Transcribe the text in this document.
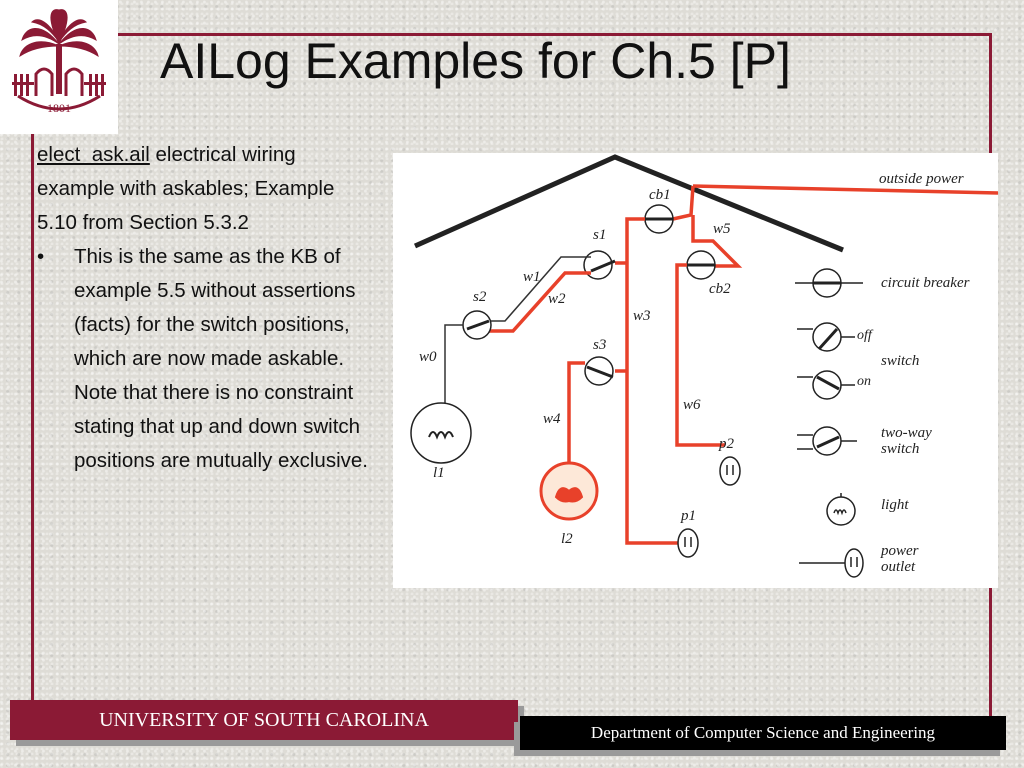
1801
AILog Examples for Ch.5 [P]

elect_ask.ail electrical wiring example with askables; Example 5.10 from Section 5.3.2

•	This is the same as the KB of example 5.5 without assertions (facts) for the switch positions, which are now made askable. Note that there is no constraint stating that up and down switch positions are mutually exclusive.
outside power
cb1
w3
w5
cb2
w6
s1
w1
w2
s2
w0
l1
s3
w4
l2
p1
p2
circuit breaker
off
switch
on
two-way
switch
light
power
outlet
UNIVERSITY OF SOUTH CAROLINA
Department of Computer Science and Engineering
